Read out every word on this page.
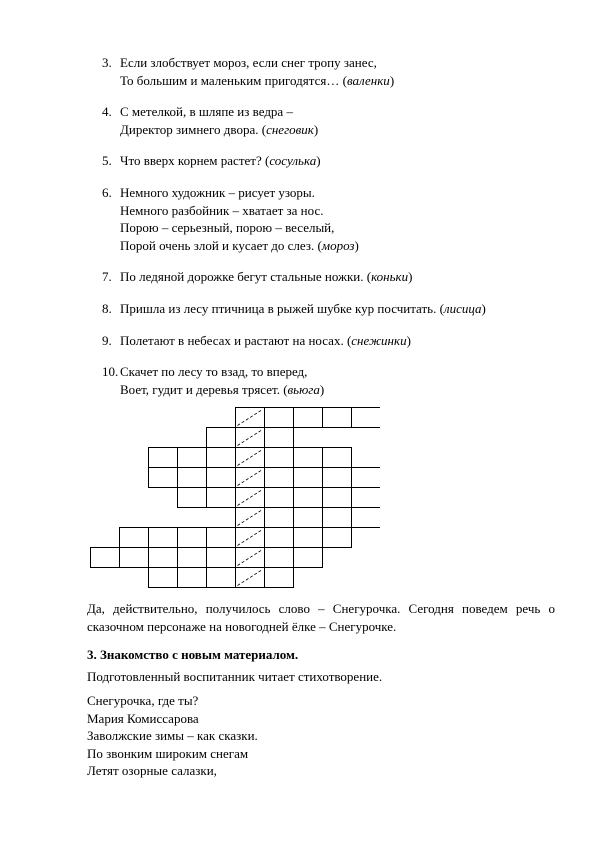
3. Если злобствует мороз, если снег тропу занес,
То большим и маленьким пригодятся… (валенки)
4. С метелкой, в шляпе из ведра –
Директор зимнего двора. (снеговик)
5. Что вверх корнем растет? (сосулька)
6. Немного художник – рисует узоры.
Немного разбойник – хватает за нос.
Порою – серьезный, порою – веселый,
Порой очень злой и кусает до слез. (мороз)
7. По ледяной дорожке бегут стальные ножки. (коньки)
8. Пришла из лесу птичница в рыжей шубке кур посчитать. (лисица)
9. Полетают в небесах и растают на носах. (снежинки)
10. Скачет по лесу то взад, то вперед,
Воет, гудит и деревья трясет. (вьюга)

Да, действительно, получилось слово – Снегурочка. Сегодня поведем речь о сказочном персонаже на новогодней ёлке – Снегурочке.

3. Знакомство с новым материалом.

Подготовленный воспитанник читает стихотворение.

Снегурочка, где ты?
Мария Комиссарова
Заволжские зимы – как сказки.
По звонким широким снегам
Летят озорные салазки,
